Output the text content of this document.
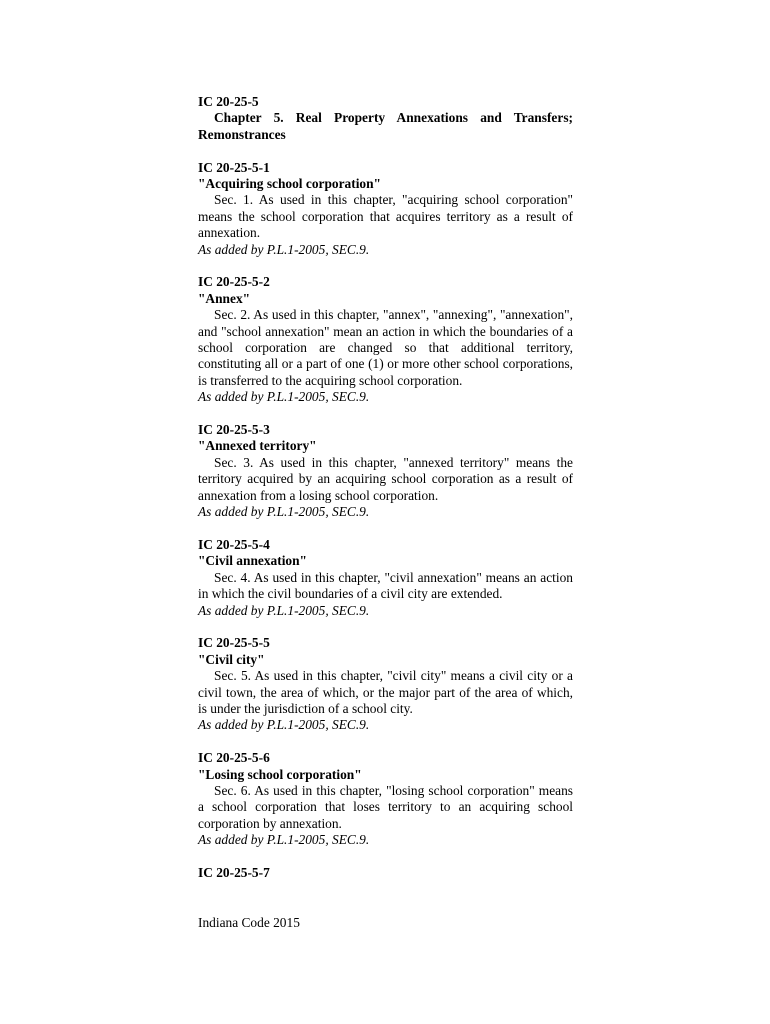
IC 20-25-5
Chapter 5. Real Property Annexations and Transfers; Remonstrances
IC 20-25-5-1
"Acquiring school corporation"
Sec. 1. As used in this chapter, "acquiring school corporation" means the school corporation that acquires territory as a result of annexation.
As added by P.L.1-2005, SEC.9.
IC 20-25-5-2
"Annex"
Sec. 2. As used in this chapter, "annex", "annexing", "annexation", and "school annexation" mean an action in which the boundaries of a school corporation are changed so that additional territory, constituting all or a part of one (1) or more other school corporations, is transferred to the acquiring school corporation.
As added by P.L.1-2005, SEC.9.
IC 20-25-5-3
"Annexed territory"
Sec. 3. As used in this chapter, "annexed territory" means the territory acquired by an acquiring school corporation as a result of annexation from a losing school corporation.
As added by P.L.1-2005, SEC.9.
IC 20-25-5-4
"Civil annexation"
Sec. 4. As used in this chapter, "civil annexation" means an action in which the civil boundaries of a civil city are extended.
As added by P.L.1-2005, SEC.9.
IC 20-25-5-5
"Civil city"
Sec. 5. As used in this chapter, "civil city" means a civil city or a civil town, the area of which, or the major part of the area of which, is under the jurisdiction of a school city.
As added by P.L.1-2005, SEC.9.
IC 20-25-5-6
"Losing school corporation"
Sec. 6. As used in this chapter, "losing school corporation" means a school corporation that loses territory to an acquiring school corporation by annexation.
As added by P.L.1-2005, SEC.9.
IC 20-25-5-7
Indiana Code 2015
